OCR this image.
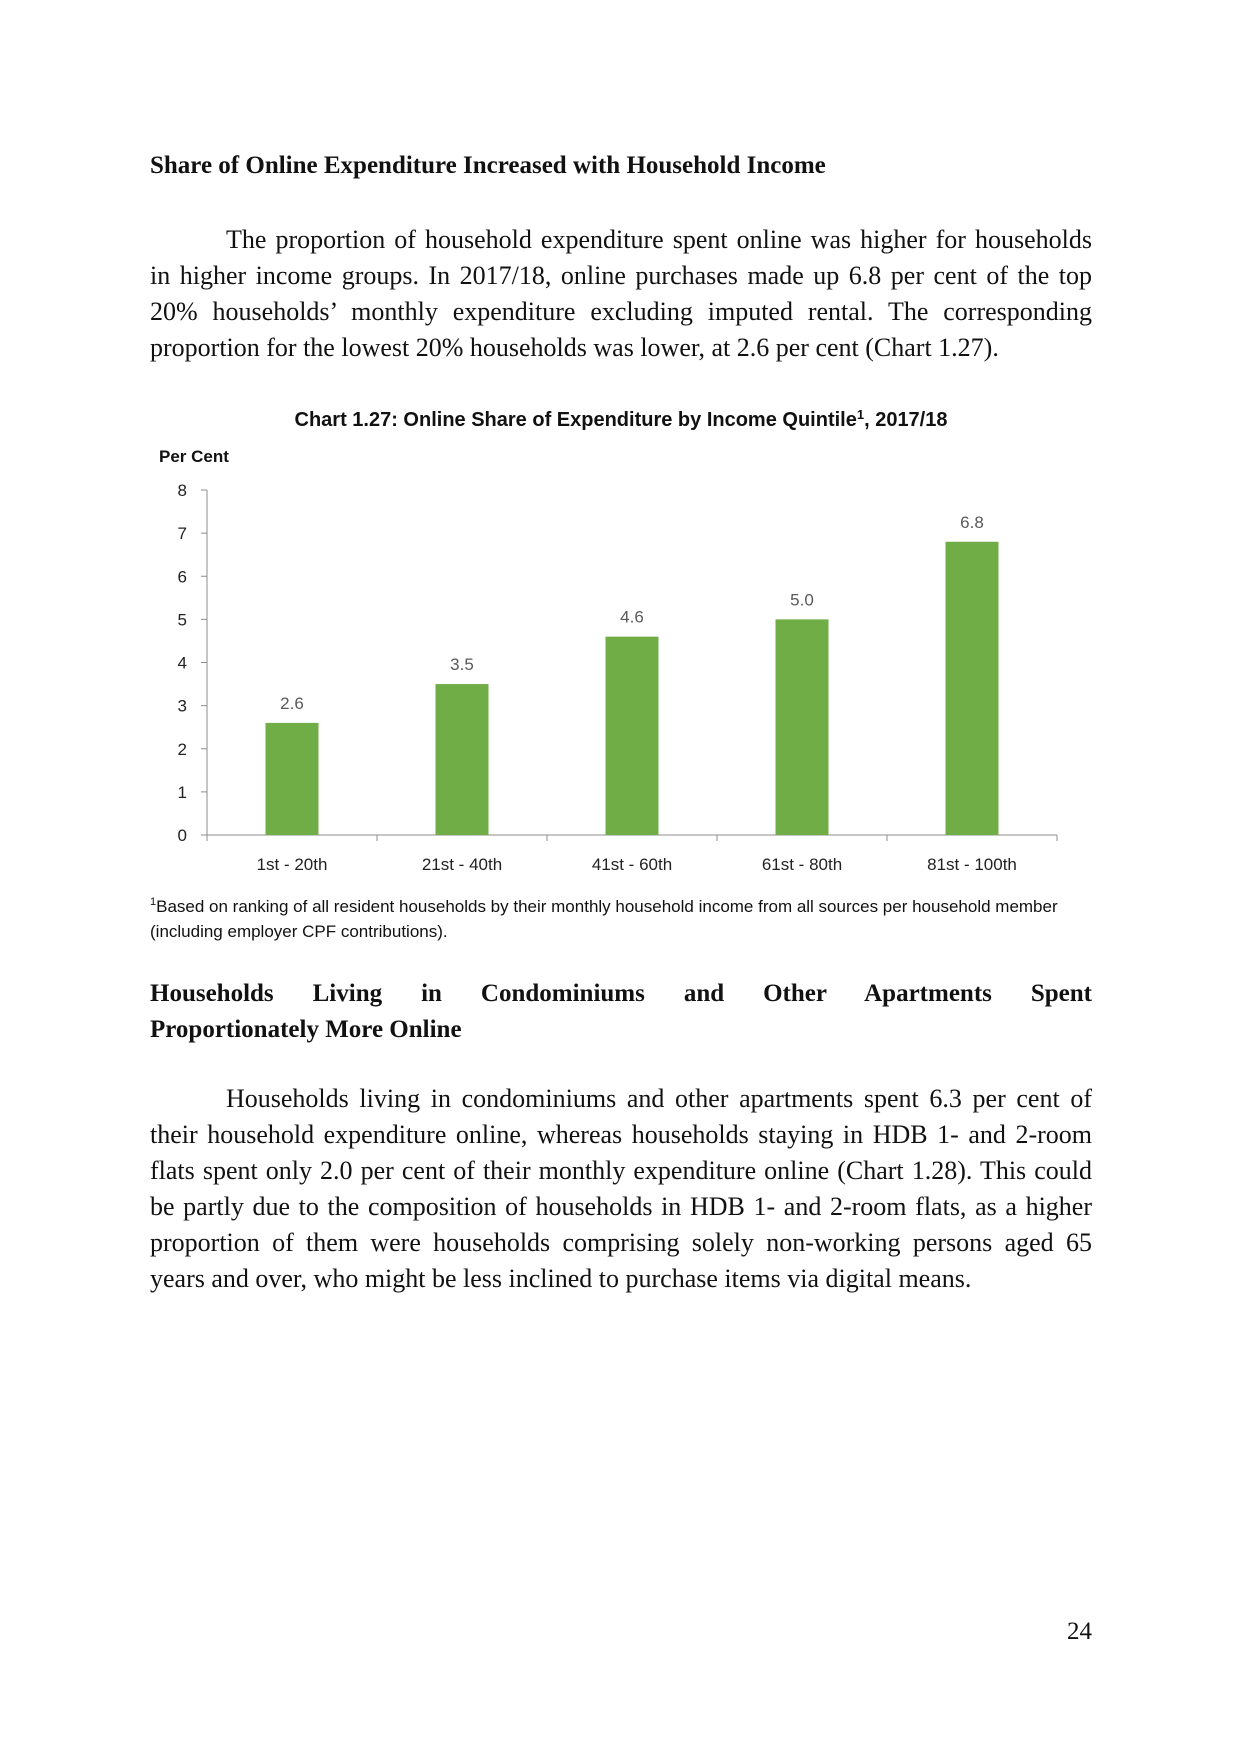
Share of Online Expenditure Increased with Household Income

The proportion of household expenditure spent online was higher for households in higher income groups. In 2017/18, online purchases made up 6.8 per cent of the top 20% households’ monthly expenditure excluding imputed rental. The corresponding proportion for the lowest 20% households was lower, at 2.6 per cent (Chart 1.27).

Chart 1.27: Online Share of Expenditure by Income Quintile$^1$, 2017/18
Per Cent
0
1
2
3
4
5
6
7
8
2.6
1st - 20th
3.5
21st - 40th
4.6
41st - 60th
5.0
61st - 80th
6.8
81st - 100th

$^1$Based on ranking of all resident households by their monthly household income from all sources per household member (including employer CPF contributions).

Households Living in Condominiums and Other Apartments Spent
Proportionately More Online

Households living in condominiums and other apartments spent 6.3 per cent of their household expenditure online, whereas households staying in HDB 1- and 2-room flats spent only 2.0 per cent of their monthly expenditure online (Chart 1.28). This could be partly due to the composition of households in HDB 1- and 2-room flats, as a higher proportion of them were households comprising solely non-working persons aged 65 years and over, who might be less inclined to purchase items via digital means.

24
